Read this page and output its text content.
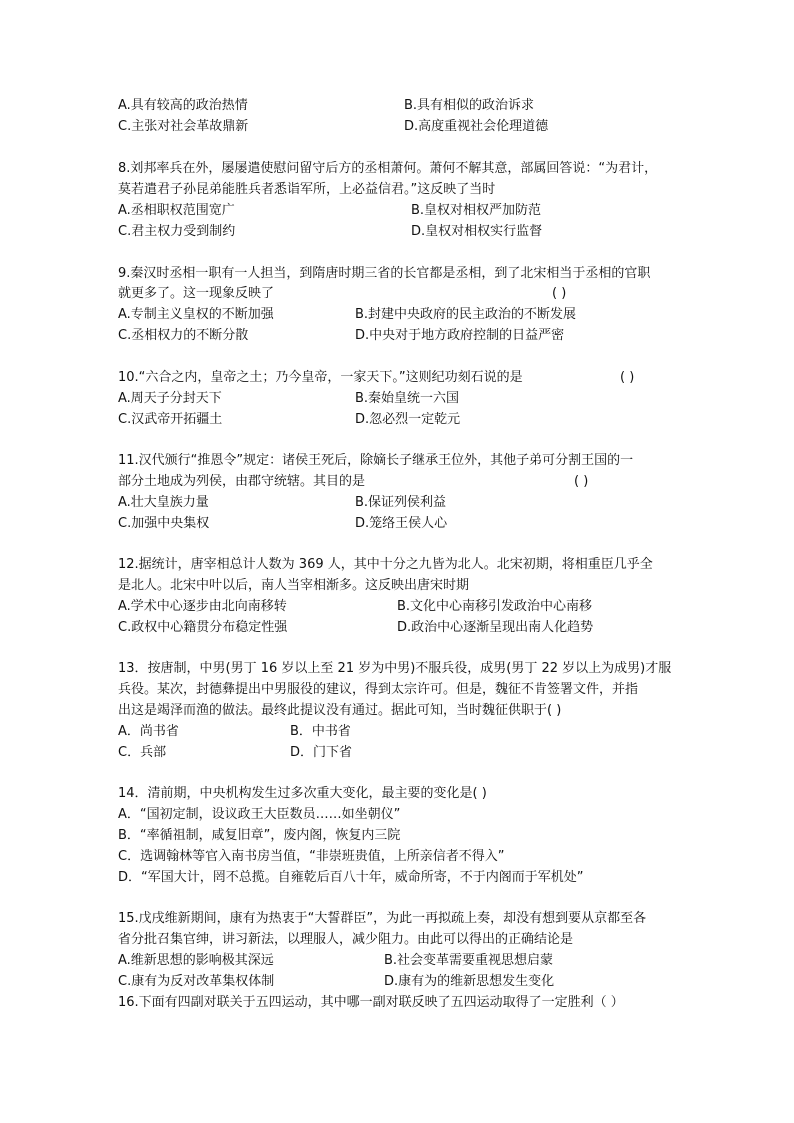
A.具有较高的政治热情	B.具有相似的政治诉求
C.主张对社会革故鼎新	D.高度重视社会伦理道德
8.刘邦率兵在外，屡屡遣使慰问留守后方的丞相萧何。萧何不解其意，部属回答说：“为君计，
莫若遣君子孙昆弟能胜兵者悉诣军所，上必益信君。”这反映了当时
A.丞相职权范围宽广	B.皇权对相权严加防范
C.君主权力受到制约	D.皇权对相权实行监督
9.秦汉时丞相一职有一人担当，到隋唐时期三省的长官都是丞相，到了北宋相当于丞相的官职
就更多了。这一现象反映了	( )
A.专制主义皇权的不断加强	B.封建中央政府的民主政治的不断发展
C.丞相权力的不断分散	D.中央对于地方政府控制的日益严密
10.“六合之内，皇帝之土；乃今皇帝，一家天下。”这则纪功刻石说的是	( )
A.周天子分封天下	B.秦始皇统一六国
C.汉武帝开拓疆土	D.忽必烈一定乾元
11.汉代颁行“推恩令”规定：诸侯王死后，除嫡长子继承王位外，其他子弟可分割王国的一
部分土地成为列侯，由郡守统辖。其目的是	( )
A.壮大皇族力量	B.保证列侯利益
C.加强中央集权	D.笼络王侯人心
12.据统计，唐宰相总计人数为 369 人，其中十分之九皆为北人。北宋初期，将相重臣几乎全
是北人。北宋中叶以后，南人当宰相渐多。这反映出唐宋时期
A.学术中心逐步由北向南移转	B.文化中心南移引发政治中心南移
C.政权中心籍贯分布稳定性强	D.政治中心逐渐呈现出南人化趋势
13．按唐制，中男(男丁 16 岁以上至 21 岁为中男)不服兵役，成男(男丁 22 岁以上为成男)才服
兵役。某次，封德彝提出中男服役的建议，得到太宗许可。但是，魏征不肯签署文件，并指
出这是竭泽而渔的做法。最终此提议没有通过。据此可知，当时魏征供职于( )
A．尚书省	B．中书省
C．兵部	D．门下省
14．清前期，中央机构发生过多次重大变化，最主要的变化是( )
A．“国初定制，设议政王大臣数员……如坐朝仪”
B．“率循祖制，咸复旧章”，废内阁，恢复内三院
C．选调翰林等官入南书房当值，“非崇班贵值，上所亲信者不得入”
D．“军国大计，罔不总揽。自雍乾后百八十年，威命所寄，不于内阁而于军机处”
15.戊戌维新期间，康有为热衷于“大誓群臣”，为此一再拟疏上奏，却没有想到要从京都至各
省分批召集官绅，讲习新法，以理服人，减少阻力。由此可以得出的正确结论是
A.维新思想的影响极其深远	B.社会变革需要重视思想启蒙
C.康有为反对改革集权体制	D.康有为的维新思想发生变化
16.下面有四副对联关于五四运动，其中哪一副对联反映了五四运动取得了一定胜利（ ）
